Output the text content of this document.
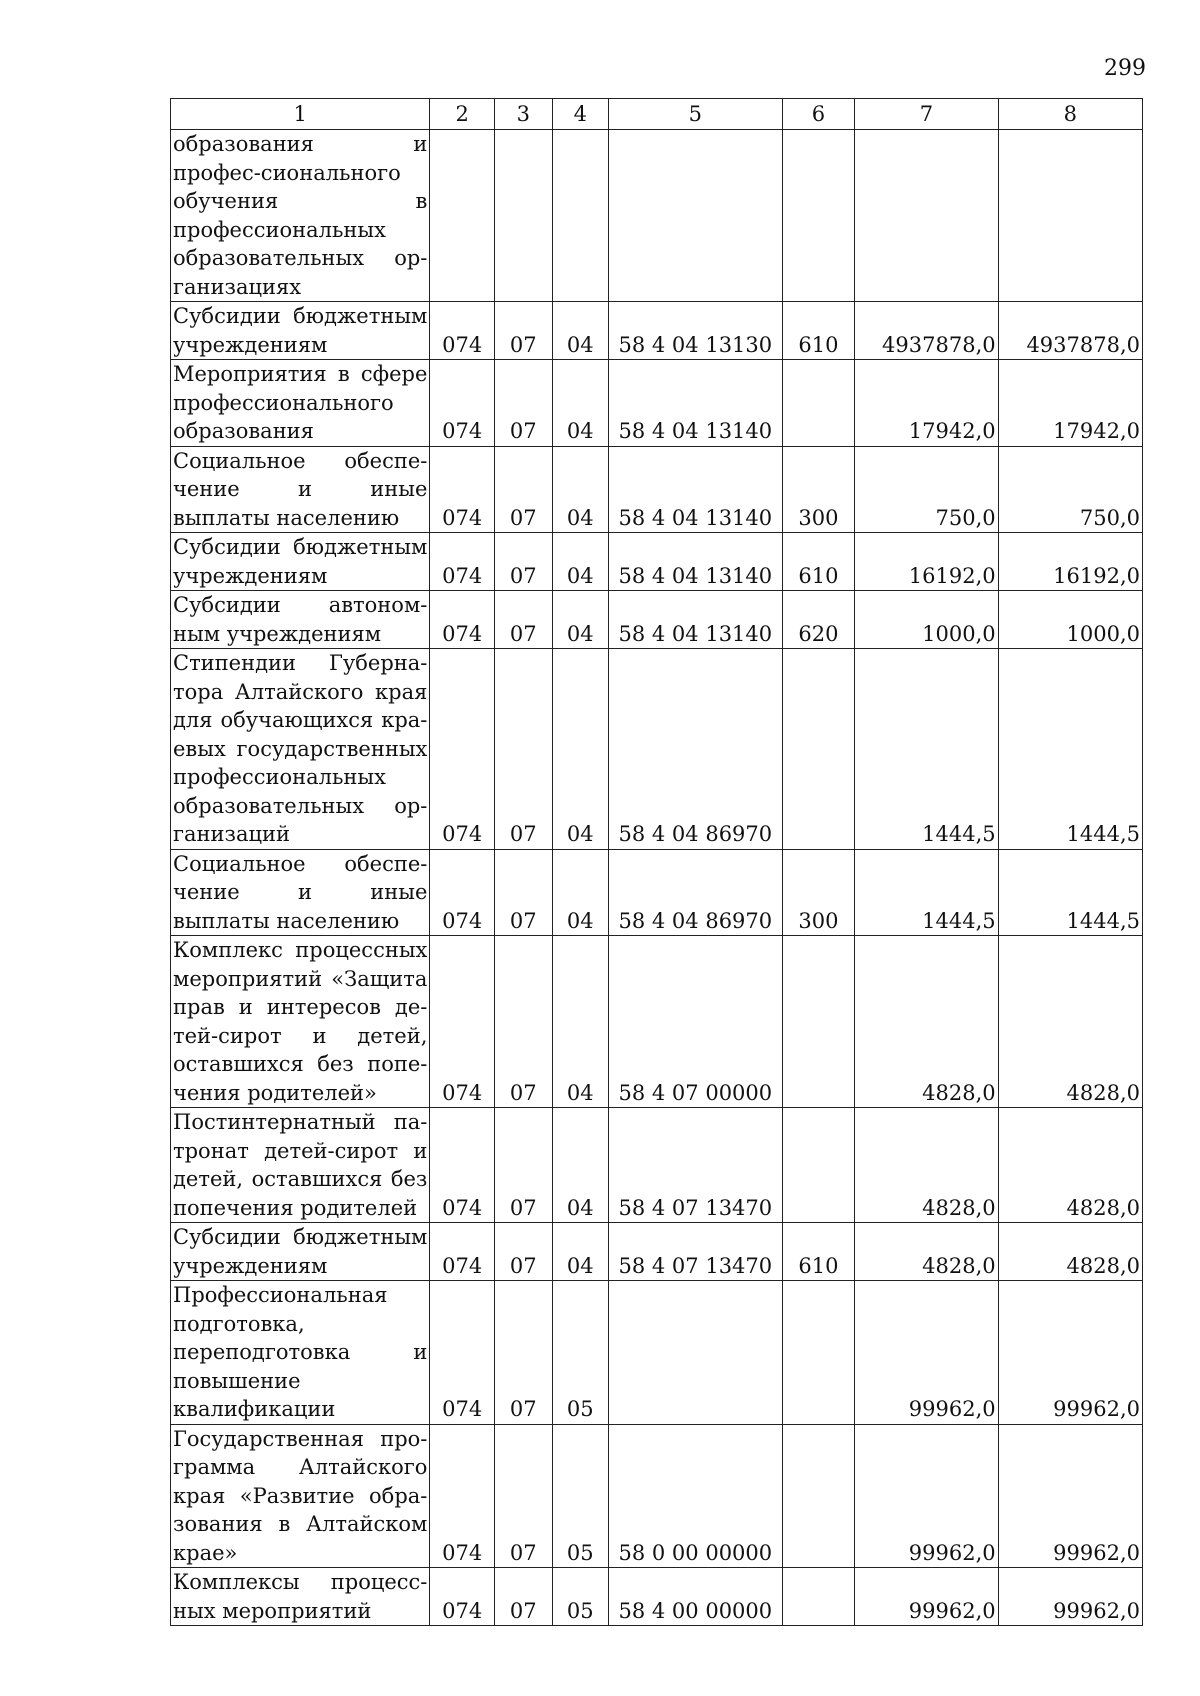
299
1	2	3	4	5	6	7	8
образования и профес-сионального обучения в профессиональных образовательных ор-ганизациях							
Субсидии бюджетным учреждениям	074	07	04	58 4 04 13130	610	4937878,0	4937878,0
Мероприятия в сфере профессионального образования	074	07	04	58 4 04 13140		17942,0	17942,0
Социальное обеспе-чение и иные выплаты населению	074	07	04	58 4 04 13140	300	750,0	750,0
Субсидии бюджетным учреждениям	074	07	04	58 4 04 13140	610	16192,0	16192,0
Субсидии автоном-ным учреждениям	074	07	04	58 4 04 13140	620	1000,0	1000,0
Стипендии Губерна-тора Алтайского края для обучающихся кра-евых государственных профессиональных образовательных ор-ганизаций	074	07	04	58 4 04 86970		1444,5	1444,5
Социальное обеспе-чение и иные выплаты населению	074	07	04	58 4 04 86970	300	1444,5	1444,5
Комплекс процессных мероприятий «Защита прав и интересов де-тей-сирот и детей, оставшихся без попе-чения родителей»	074	07	04	58 4 07 00000		4828,0	4828,0
Постинтернатный па-тронат детей-сирот и детей, оставшихся без попечения родителей	074	07	04	58 4 07 13470		4828,0	4828,0
Субсидии бюджетным учреждениям	074	07	04	58 4 07 13470	610	4828,0	4828,0
Профессиональная подготовка, переподготовка и повышение квалификации	074	07	05			99962,0	99962,0
Государственная про-грамма Алтайского края «Развитие обра-зования в Алтайском крае»	074	07	05	58 0 00 00000		99962,0	99962,0
Комплексы процесс-ных мероприятий	074	07	05	58 4 00 00000		99962,0	99962,0
